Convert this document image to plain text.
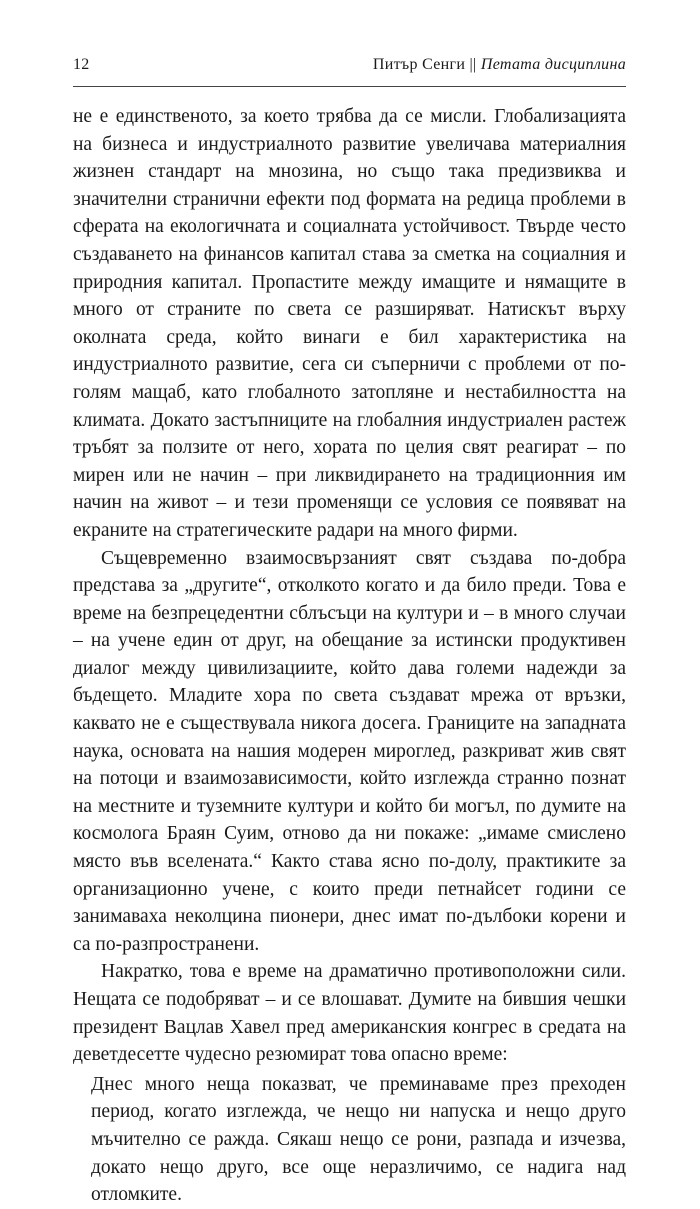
12	Питър Сенги || Петата дисциплина

не е единственото, за което трябва да се мисли. Глобализацията на бизнеса и индустриалното развитие увеличава материалния жизнен стандарт на мнозина, но също така предизвиква и значителни странични ефекти под формата на редица проблеми в сферата на екологичната и социалната устойчивост. Твърде често създаването на финансов капитал става за сметка на социалния и природния капитал. Пропастите между имащите и нямащите в много от страните по света се разширяват. Натискът върху околната среда, който винаги е бил характеристика на индустриалното развитие, сега си съперничи с проблеми от по-голям мащаб, като глобалното затопляне и нестабилността на климата. Докато застъпниците на глобалния индустриален растеж тръбят за ползите от него, хората по целия свят реагират – по мирен или не начин – при ликвидирането на традиционния им начин на живот – и тези променящи се условия се появяват на екраните на стратегическите радари на много фирми.

Същевременно взаимосвързаният свят създава по-добра представа за „другите“, отколкото когато и да било преди. Това е време на безпрецедентни сблъсъци на култури и – в много случаи – на учене един от друг, на обещание за истински продуктивен диалог между цивилизациите, който дава големи надежди за бъдещето. Младите хора по света създават мрежа от връзки, каквато не е съществувала никога досега. Границите на западната наука, основата на нашия модерен мироглед, разкриват жив свят на потоци и взаимозависимости, който изглежда странно познат на местните и туземните култури и който би могъл, по думите на космолога Браян Суим, отново да ни покаже: „имаме смислено място във вселената.“ Както става ясно по-долу, практиките за организационно учене, с които преди петнайсет години се занимаваха неколцина пионери, днес имат по-дълбоки корени и са по-разпространени.

Накратко, това е време на драматично противоположни сили. Нещата се подобряват – и се влошават. Думите на бившия чешки президент Вацлав Хавел пред американския конгрес в средата на деветдесетте чудесно резюмират това опасно време:

Днес много неща показват, че преминаваме през преходен период, когато изглежда, че нещо ни напуска и нещо друго мъчително се ражда. Сякаш нещо се рони, разпада и изчезва, докато нещо друго, все още неразличимо, се надига над отломките.
